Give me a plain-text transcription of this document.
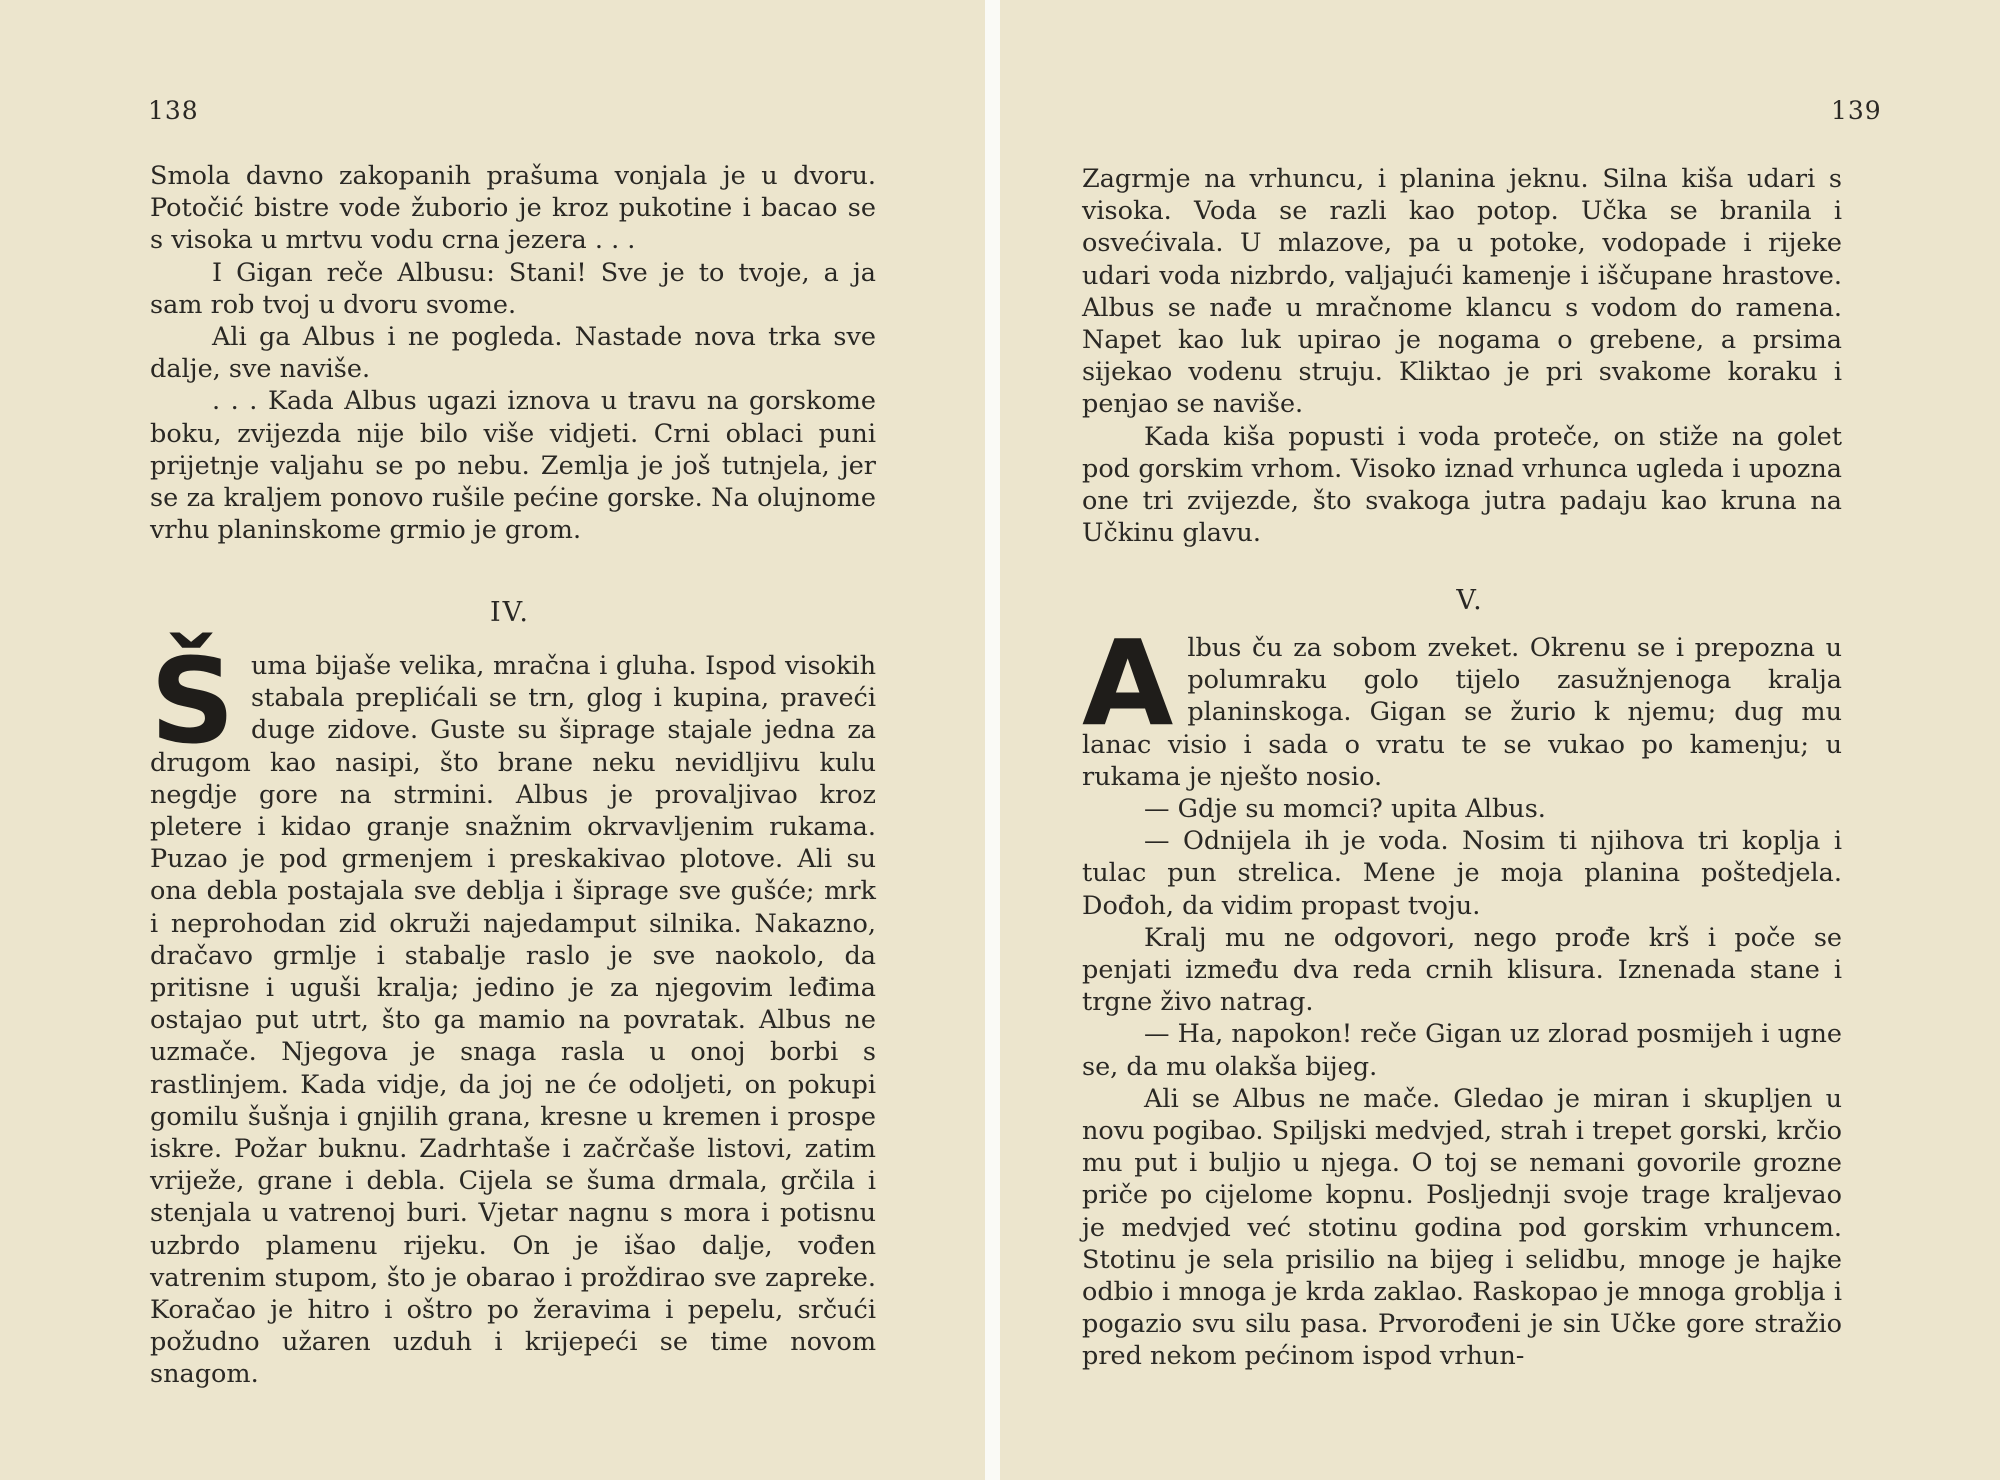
138

Smola davno zakopanih prašuma vonjala je u dvoru. Potočić bistre vode žuborio je kroz pukotine i bacao se s visoka u mrtvu vodu crna jezera . . .

I Gigan reče Albusu: Stani! Sve je to tvoje, a ja sam rob tvoj u dvoru svome.

Ali ga Albus i ne pogleda. Nastade nova trka sve dalje, sve naviše.

. . . Kada Albus ugazi iznova u travu na gorskome boku, zvijezda nije bilo više vidjeti. Crni oblaci puni prijetnje valjahu se po nebu. Zemlja je još tutnjela, jer se za kraljem ponovo rušile pećine gorske. Na olujnome vrhu planinskome grmio je grom.

IV.
Š uma bijaše velika, mračna i gluha. Ispod visokih stabala preplićali se trn, glog i kupina, praveći duge zidove. Guste su šiprage stajale jedna za drugom kao nasipi, što brane neku nevidljivu kulu negdje gore na strmini. Albus je provaljivao kroz pletere i kidao granje snažnim okrvavljenim rukama. Puzao je pod grmenjem i preskakivao plotove. Ali su ona debla postajala sve deblja i šiprage sve gušće; mrk i neprohodan zid okruži najedamput silnika. Nakazno, dračavo grmlje i stabalje raslo je sve naokolo, da pritisne i uguši kralja; jedino je za njegovim leđima ostajao put utrt, što ga mamio na povratak. Albus ne uzmače. Njegova je snaga rasla u onoj borbi s rastlinjem. Kada vidje, da joj ne će odoljeti, on pokupi gomilu šušnja i gnjilih grana, kresne u kremen i prospe iskre. Požar buknu. Zadrhtaše i začrčaše listovi, zatim vriježe, grane i debla. Cijela se šuma drmala, grčila i stenjala u vatrenoj buri. Vjetar nagnu s mora i potisnu uzbrdo plamenu rijeku. On je išao dalje, vođen vatrenim stupom, što je obarao i proždirao sve zapreke. Koračao je hitro i oštro po žeravima i pepelu, srčući požudno užaren uzduh i krijepeći se time novom snagom.

139

Zagrmje na vrhuncu, i planina jeknu. Silna kiša udari s visoka. Voda se razli kao potop. Učka se branila i osvećivala. U mlazove, pa u potoke, vodopade i rijeke udari voda nizbrdo, valjajući kamenje i iščupane hrastove. Albus se nađe u mračnome klancu s vodom do ramena. Napet kao luk upirao je nogama o grebene, a prsima sijekao vodenu struju. Kliktao je pri svakome koraku i penjao se naviše.

Kada kiša popusti i voda proteče, on stiže na golet pod gorskim vrhom. Visoko iznad vrhunca ugleda i upozna one tri zvijezde, što svakoga jutra padaju kao kruna na Učkinu glavu.

V.
A lbus ču za sobom zveket. Okrenu se i prepozna u polumraku golo tijelo zasužnjenoga kralja planinskoga. Gigan se žurio k njemu; dug mu lanac visio i sada o vratu te se vukao po kamenju; u rukama je nješto nosio.

— Gdje su momci? upita Albus.

— Odnijela ih je voda. Nosim ti njihova tri koplja i tulac pun strelica. Mene je moja planina poštedjela. Dođoh, da vidim propast tvoju.

Kralj mu ne odgovori, nego prođe krš i poče se penjati između dva reda crnih klisura. Iznenada stane i trgne živo natrag.

— Ha, napokon! reče Gigan uz zlorad posmijeh i ugne se, da mu olakša bijeg.

Ali se Albus ne mače. Gledao je miran i skupljen u novu pogibao. Spiljski medvjed, strah i trepet gorski, krčio mu put i buljio u njega. O toj se nemani govorile grozne priče po cijelome kopnu. Posljednji svoje trage kraljevao je medvjed već stotinu godina pod gorskim vrhuncem. Stotinu je sela prisilio na bijeg i selidbu, mnoge je hajke odbio i mnoga je krda zaklao. Raskopao je mnoga groblja i pogazio svu silu pasa. Prvorođeni je sin Učke gore stražio pred nekom pećinom ispod vrhun-
